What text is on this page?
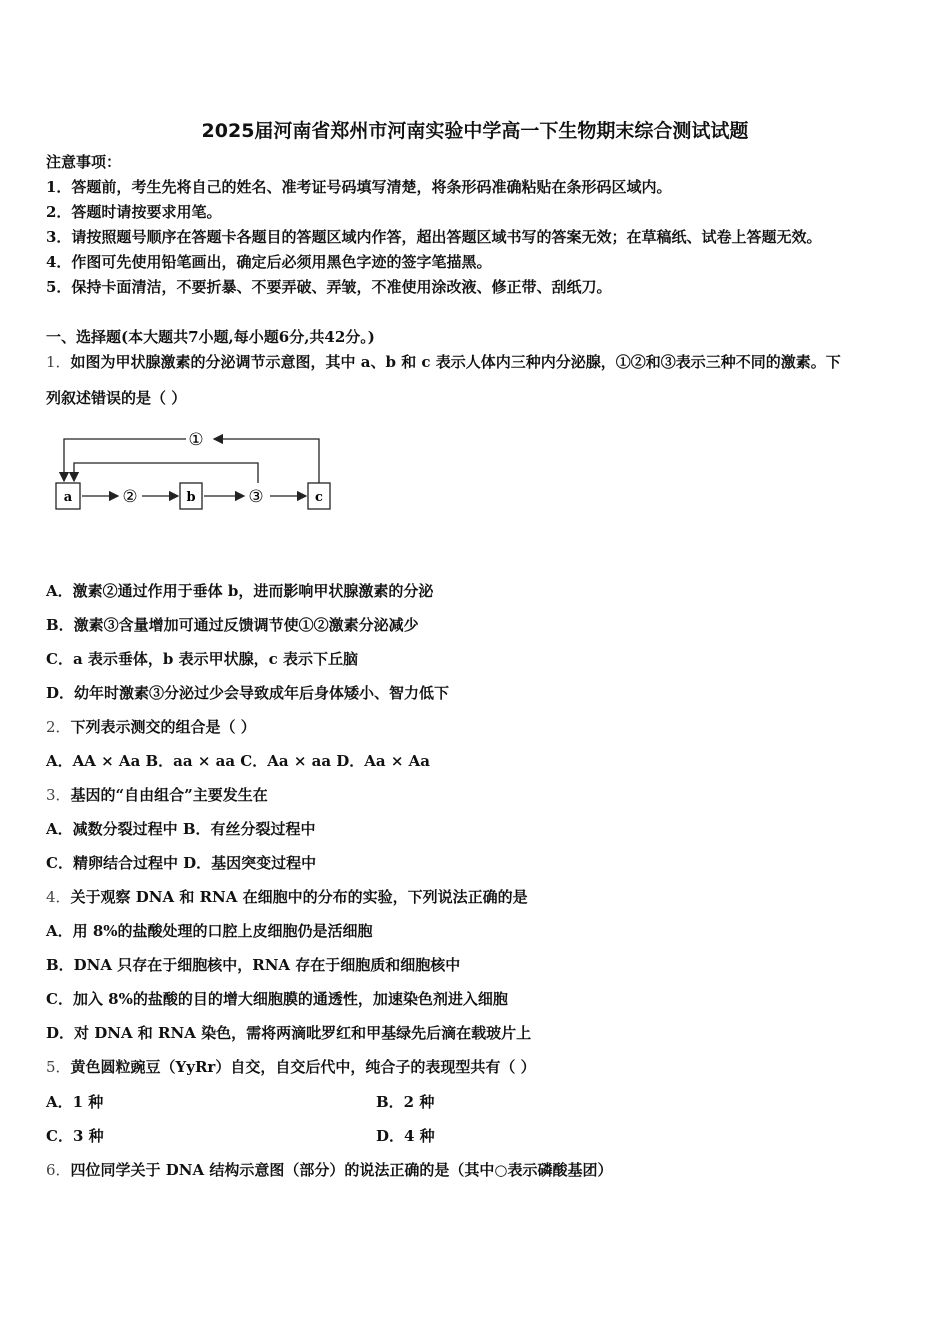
2025届河南省郑州市河南实验中学高一下生物期末综合测试试题
注意事项：
1．答题前，考生先将自己的姓名、准考证号码填写清楚，将条形码准确粘贴在条形码区域内。
2．答题时请按要求用笔。
3．请按照题号顺序在答题卡各题目的答题区域内作答，超出答题区域书写的答案无效；在草稿纸、试卷上答题无效。
4．作图可先使用铅笔画出，确定后必须用黑色字迹的签字笔描黑。
5．保持卡面清洁，不要折暴、不要弄破、弄皱，不准使用涂改液、修正带、刮纸刀。
一、选择题(本大题共7小题,每小题6分,共42分。)
1．如图为甲状腺激素的分泌调节示意图，其中 a、b 和 c 表示人体内三种内分泌腺，①②和③表示三种不同的激素。下
列叙述错误的是（ ）
a	b	c
①
②	③
A．激素②通过作用于垂体 b，进而影响甲状腺激素的分泌
B．激素③含量增加可通过反馈调节使①②激素分泌减少
C．a 表示垂体，b 表示甲状腺，c 表示下丘脑
D．幼年时激素③分泌过少会导致成年后身体矮小、智力低下
2．下列表示测交的组合是（ ）
A．AA × Aa B．aa × aa C．Aa × aa D．Aa × Aa
3．基因的“自由组合”主要发生在
A．减数分裂过程中 B．有丝分裂过程中
C．精卵结合过程中 D．基因突变过程中
4．关于观察 DNA 和 RNA 在细胞中的分布的实验，下列说法正确的是
A．用 8%的盐酸处理的口腔上皮细胞仍是活细胞
B．DNA 只存在于细胞核中，RNA 存在于细胞质和细胞核中
C．加入 8%的盐酸的目的增大细胞膜的通透性，加速染色剂进入细胞
D．对 DNA 和 RNA 染色，需将两滴吡罗红和甲基绿先后滴在载玻片上
5．黄色圆粒豌豆（YyRr）自交，自交后代中，纯合子的表现型共有（ ）
A．1 种	B．2 种
C．3 种	D．4 种
6．四位同学关于 DNA 结构示意图（部分）的说法正确的是（其中○表示磷酸基团）
